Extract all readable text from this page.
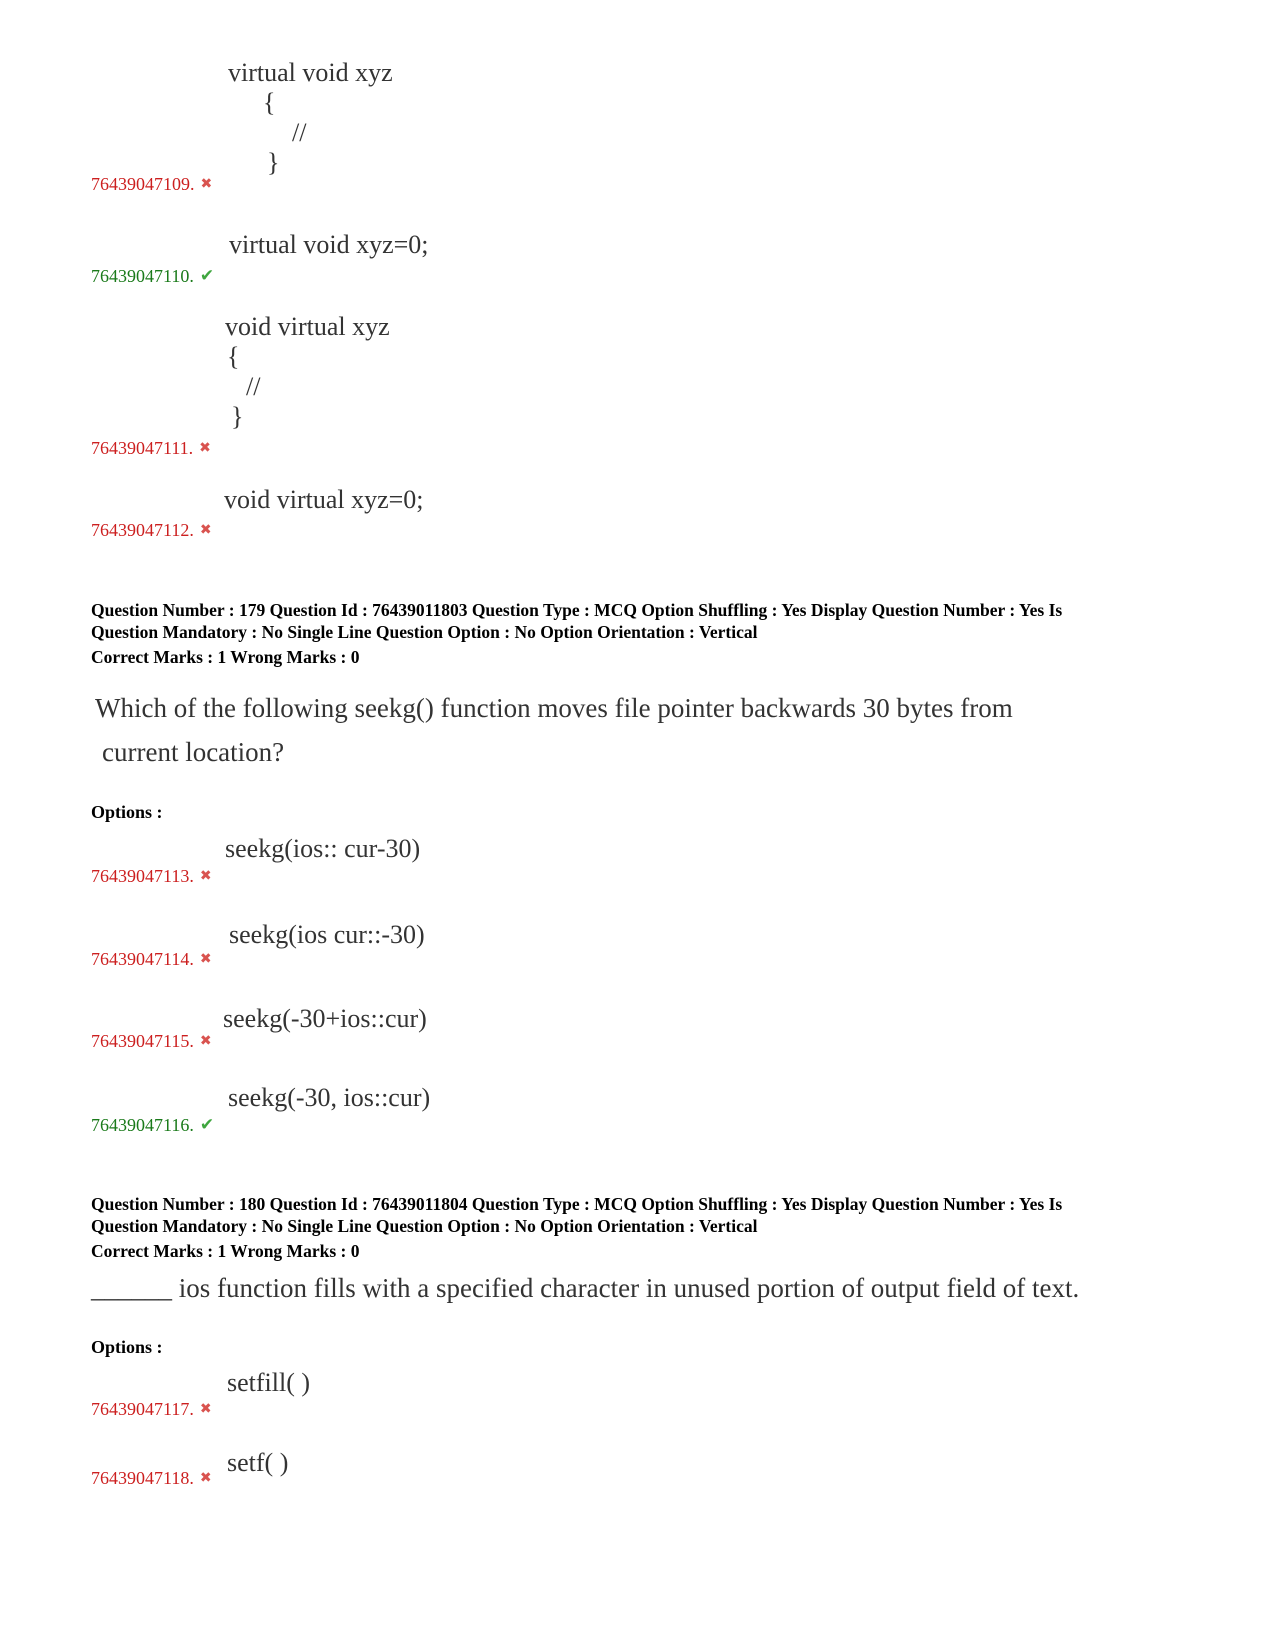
virtual void xyz
{
//
}
76439047109. ✖
virtual void xyz=0;
76439047110. ✔
void virtual xyz
{
//
}
76439047111. ✖
void virtual xyz=0;
76439047112. ✖
Question Number : 179 Question Id : 76439011803 Question Type : MCQ Option Shuffling : Yes Display Question Number : Yes Is
Question Mandatory : No Single Line Question Option : No Option Orientation : Vertical
Correct Marks : 1 Wrong Marks : 0
Which of the following seekg() function moves file pointer backwards 30 bytes from
current location?
Options :
seekg(ios:: cur-30)
76439047113. ✖
seekg(ios cur::-30)
76439047114. ✖
seekg(-30+ios::cur)
76439047115. ✖
seekg(-30, ios::cur)
76439047116. ✔
Question Number : 180 Question Id : 76439011804 Question Type : MCQ Option Shuffling : Yes Display Question Number : Yes Is
Question Mandatory : No Single Line Question Option : No Option Orientation : Vertical
Correct Marks : 1 Wrong Marks : 0
______ ios function fills with a specified character in unused portion of output field of text.
Options :
setfill( )
76439047117. ✖
setf( )
76439047118. ✖
